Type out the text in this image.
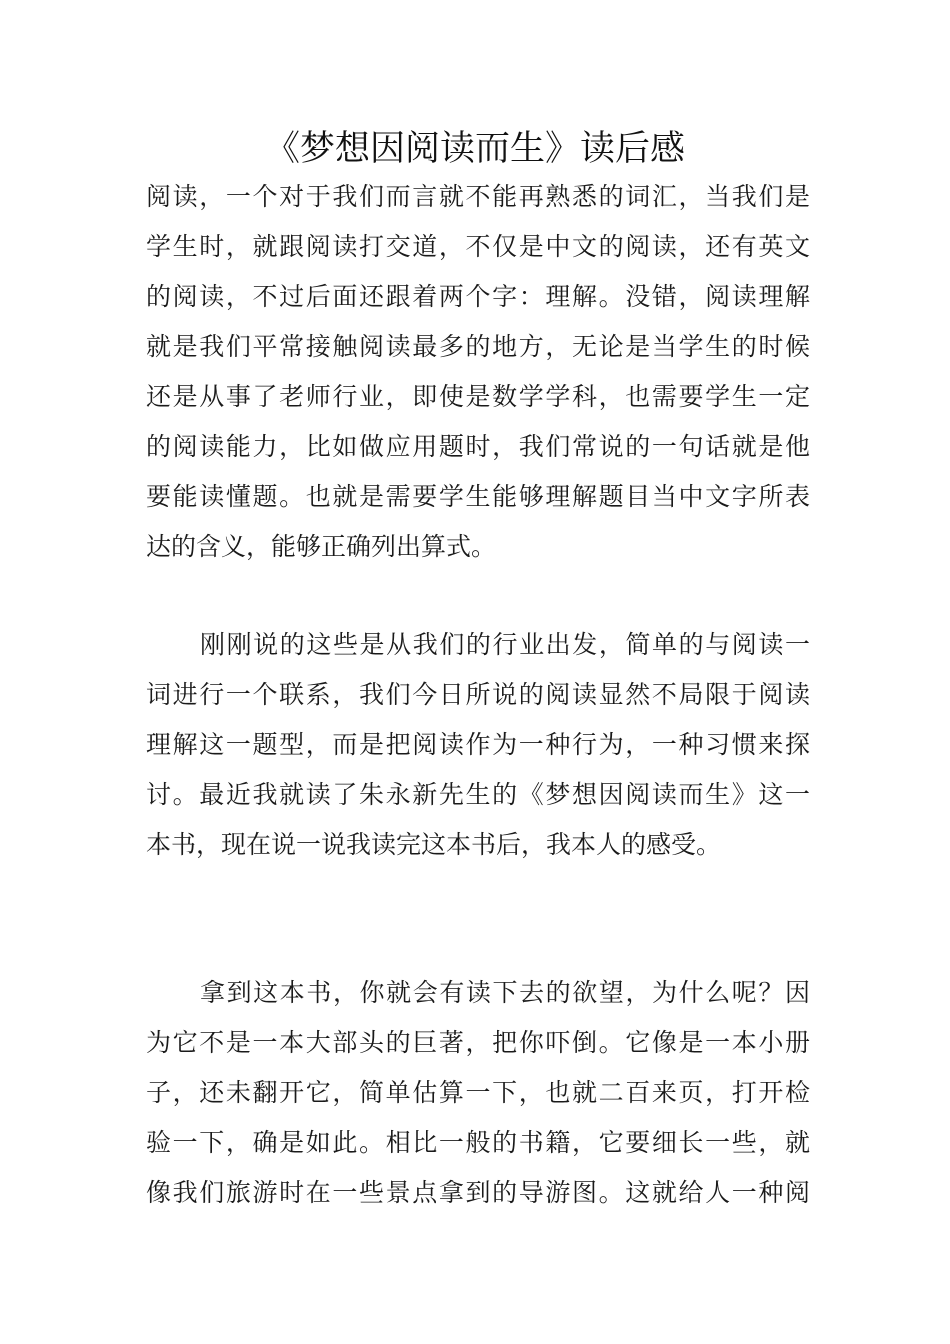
《梦想因阅读而生》读后感
阅读，一个对于我们而言就不能再熟悉的词汇，当我们是
学生时，就跟阅读打交道，不仅是中文的阅读，还有英文
的阅读，不过后面还跟着两个字：理解。没错，阅读理解
就是我们平常接触阅读最多的地方，无论是当学生的时候
还是从事了老师行业，即使是数学学科，也需要学生一定
的阅读能力，比如做应用题时，我们常说的一句话就是他
要能读懂题。也就是需要学生能够理解题目当中文字所表
达的含义，能够正确列出算式。
刚刚说的这些是从我们的行业出发，简单的与阅读一
词进行一个联系，我们今日所说的阅读显然不局限于阅读
理解这一题型，而是把阅读作为一种行为，一种习惯来探
讨。最近我就读了朱永新先生的《梦想因阅读而生》这一
本书，现在说一说我读完这本书后，我本人的感受。
拿到这本书，你就会有读下去的欲望，为什么呢？因
为它不是一本大部头的巨著，把你吓倒。它像是一本小册
子，还未翻开它，简单估算一下，也就二百来页，打开检
验一下，确是如此。相比一般的书籍，它要细长一些，就
像我们旅游时在一些景点拿到的导游图。这就给人一种阅
